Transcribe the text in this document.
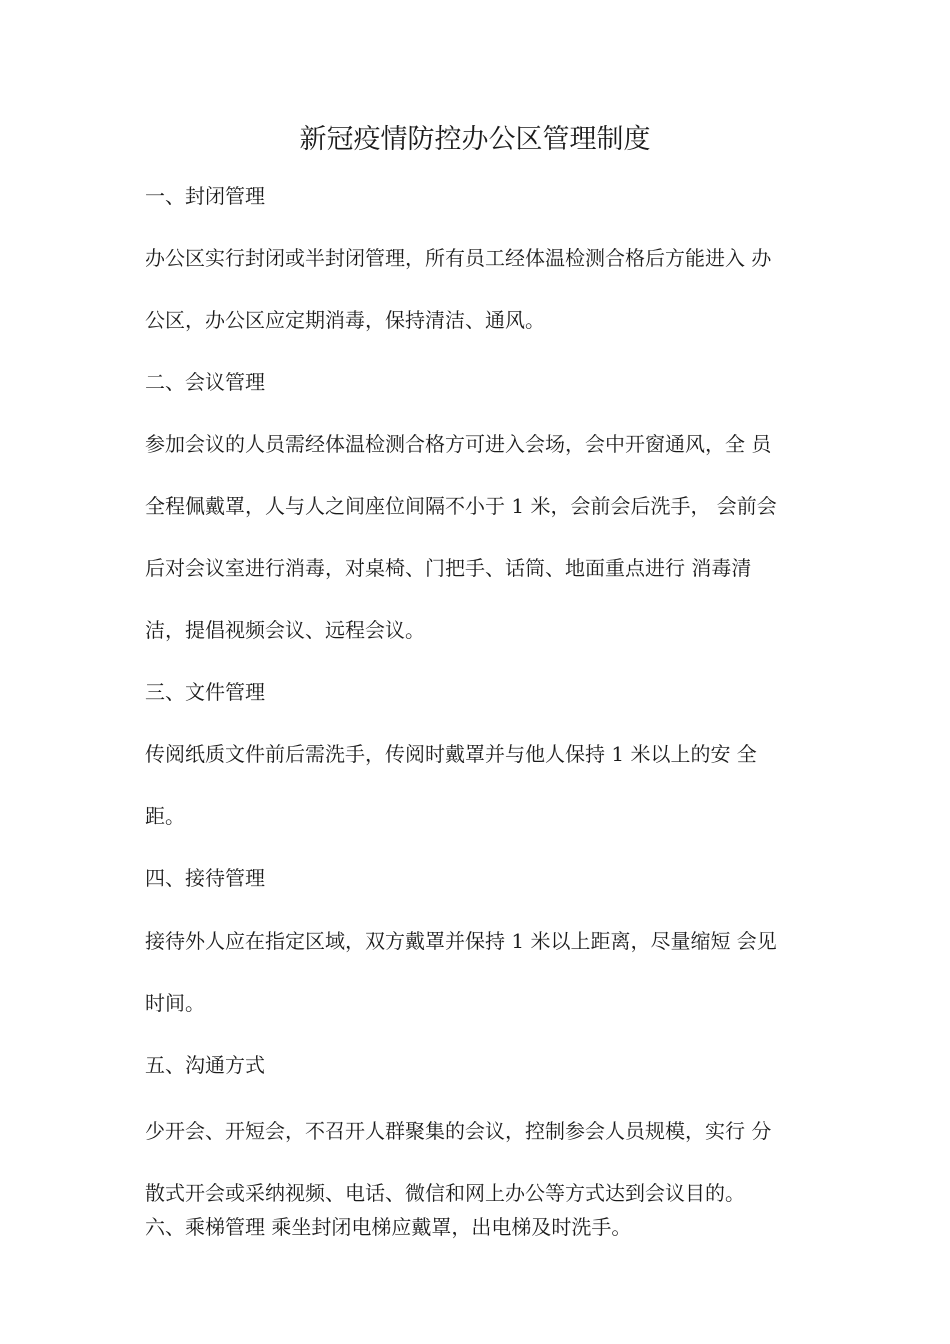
新冠疫情防控办公区管理制度
一、封闭管理
办公区实行封闭或半封闭管理，所有员工经体温检测合格后方能进入 办
公区，办公区应定期消毒，保持清洁、通风。
二、会议管理
参加会议的人员需经体温检测合格方可进入会场，会中开窗通风，全 员
全程佩戴罩，人与人之间座位间隔不小于 1 米，会前会后洗手， 会前会
后对会议室进行消毒，对桌椅、门把手、话筒、地面重点进行 消毒清
洁，提倡视频会议、远程会议。
三、文件管理
传阅纸质文件前后需洗手，传阅时戴罩并与他人保持 1 米以上的安 全
距。
四、接待管理
接待外人应在指定区域，双方戴罩并保持 1 米以上距离，尽量缩短 会见
时间。
五、沟通方式
少开会、开短会，不召开人群聚集的会议，控制参会人员规模，实行 分
散式开会或采纳视频、电话、微信和网上办公等方式达到会议目的。
六、乘梯管理 乘坐封闭电梯应戴罩，出电梯及时洗手。
